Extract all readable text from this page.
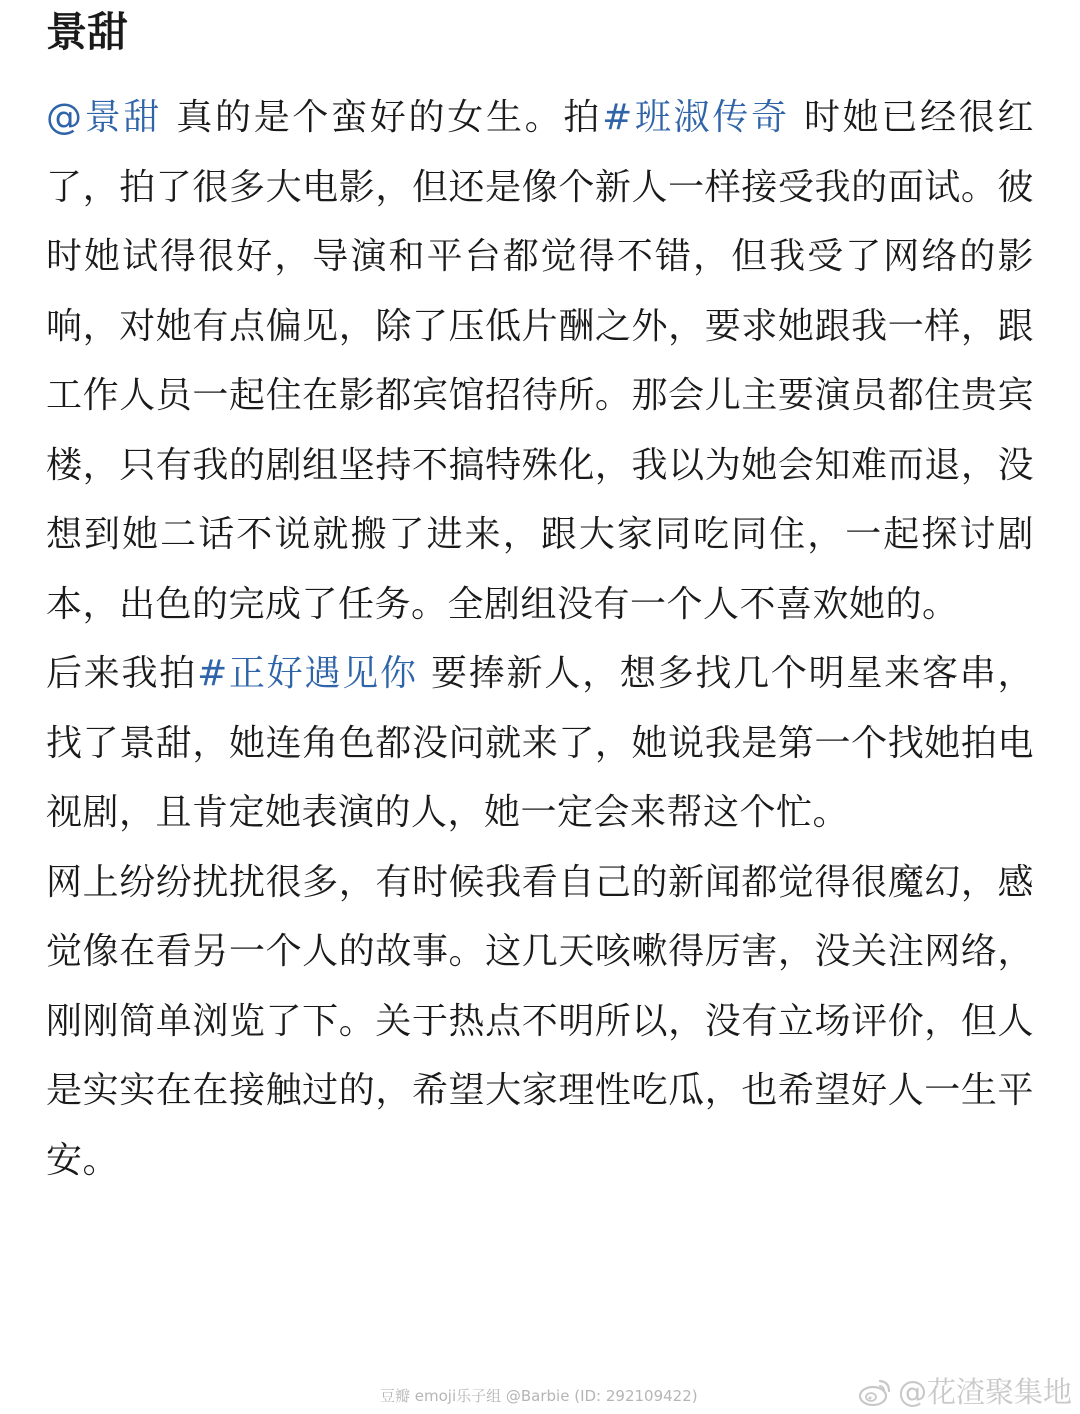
景甜

@景甜 真的是个蛮好的女生。拍#班淑传奇 时她已经很红了，拍了很多大电影，但还是像个新人一样接受我的面试。彼时她试得很好，导演和平台都觉得不错，但我受了网络的影响，对她有点偏见，除了压低片酬之外，要求她跟我一样，跟工作人员一起住在影都宾馆招待所。那会儿主要演员都住贵宾楼，只有我的剧组坚持不搞特殊化，我以为她会知难而退，没想到她二话不说就搬了进来，跟大家同吃同住，一起探讨剧本，出色的完成了任务。全剧组没有一个人不喜欢她的。

后来我拍#正好遇见你 要捧新人，想多找几个明星来客串，找了景甜，她连角色都没问就来了，她说我是第一个找她拍电视剧，且肯定她表演的人，她一定会来帮这个忙。

网上纷纷扰扰很多，有时候我看自己的新闻都觉得很魔幻，感觉像在看另一个人的故事。这几天咳嗽得厉害，没关注网络，刚刚简单浏览了下。关于热点不明所以，没有立场评价，但人是实实在在接触过的，希望大家理性吃瓜，也希望好人一生平安。

豆瓣 emoji乐子组 @Barbie (ID: 292109422)	@花渣聚集地
